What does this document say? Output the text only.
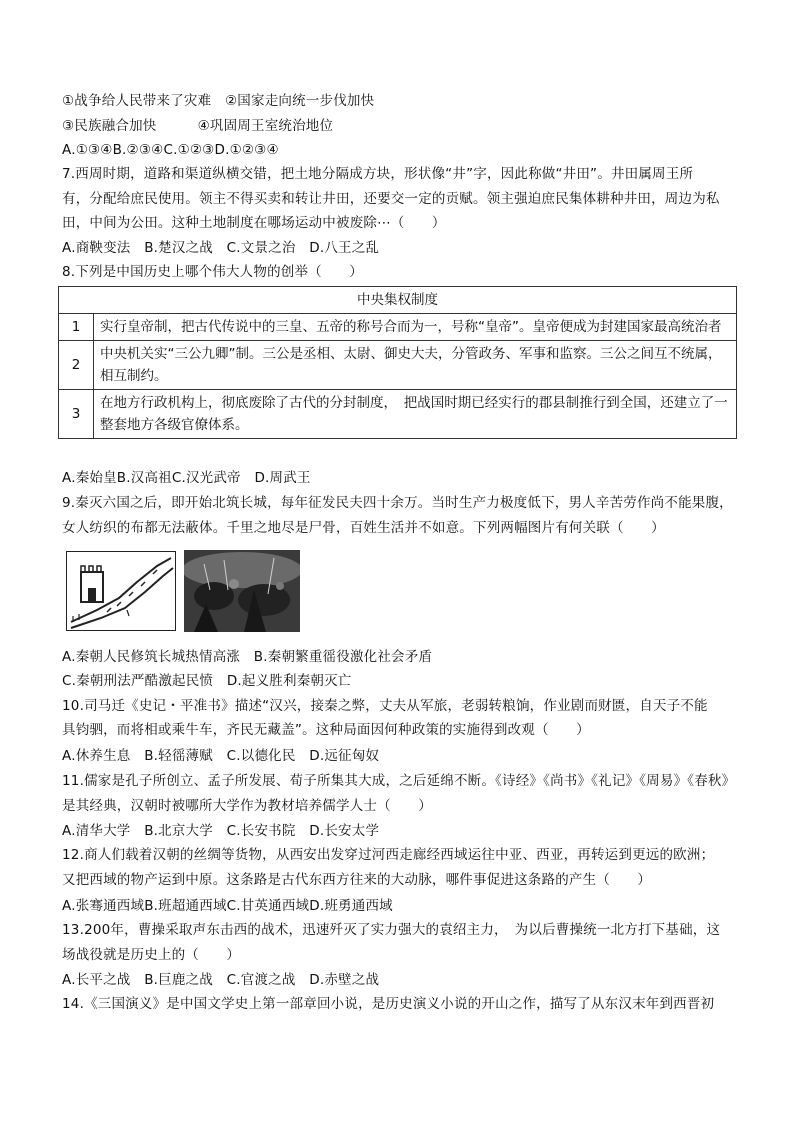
①战争给人民带来了灾难　②国家走向统一步伐加快
③民族融合加快　　　④巩固周王室统治地位
A.①③④B.②③④C.①②③D.①②③④
7.西周时期，道路和渠道纵横交错，把土地分隔成方块，形状像“井”字，因此称做“井田”。井田属周王所
有，分配给庶民使用。领主不得买卖和转让井田，还要交一定的贡赋。领主强迫庶民集体耕种井田，周边为私
田，中间为公田。这种土地制度在哪场运动中被废除⋯（　　）
A.商鞅变法　B.楚汉之战　C.文景之治　D.八王之乱
8.下列是中国历史上哪个伟大人物的创举（　　）
中央集权制度	
1	实行皇帝制，把古代传说中的三皇、五帝的称号合而为一，号称“皇帝”。皇帝便成为封建国家最高统治者
2	中央机关实“三公九卿”制。三公是丞相、太尉、御史大夫，分管政务、军事和监察。三公之间互不统属，相互制约。
3	在地方行政机构上，彻底废除了古代的分封制度，　把战国时期已经实行的郡县制推行到全国，还建立了一整套地方各级官僚体系。
A.秦始皇B.汉高祖C.汉光武帝　D.周武王
9.秦灭六国之后，即开始北筑长城，每年征发民夫四十余万。当时生产力极度低下，男人辛苦劳作尚不能果腹，
女人纺织的布都无法蔽体。千里之地尽是尸骨，百姓生活并不如意。下列两幅图片有何关联（　　）
A.秦朝人民修筑长城热情高涨　B.秦朝繁重徭役激化社会矛盾
C.秦朝刑法严酷激起民愤　D.起义胜利秦朝灭亡
10.司马迁《史记・平准书》描述“汉兴，接秦之弊，丈夫从军旅，老弱转粮饷，作业剧而财匮，自天子不能
具钧驷，而将相或乘牛车，齐民无藏盖”。这种局面因何种政策的实施得到改观（　　）
A.休养生息　B.轻徭薄赋　C.以德化民　D.远征匈奴
11.儒家是孔子所创立、孟子所发展、荀子所集其大成，之后延绵不断。《诗经》《尚书》《礼记》《周易》《春秋》
是其经典，汉朝时被哪所大学作为教材培养儒学人士（　　）
A.清华大学　B.北京大学　C.长安书院　D.长安太学
12.商人们载着汉朝的丝绸等货物，从西安出发穿过河西走廊经西域运往中亚、西亚，再转运到更远的欧洲；
又把西域的物产运到中原。这条路是古代东西方往来的大动脉，哪件事促进这条路的产生（　　）
A.张骞通西域B.班超通西域C.甘英通西域D.班勇通西域
13.200年，曹操采取声东击西的战术，迅速歼灭了实力强大的袁绍主力，　为以后曹操统一北方打下基础，这
场战役就是历史上的（　　）
A.长平之战　B.巨鹿之战　C.官渡之战　D.赤壁之战
14.《三国演义》是中国文学史上第一部章回小说，是历史演义小说的开山之作，描写了从东汉末年到西晋初
